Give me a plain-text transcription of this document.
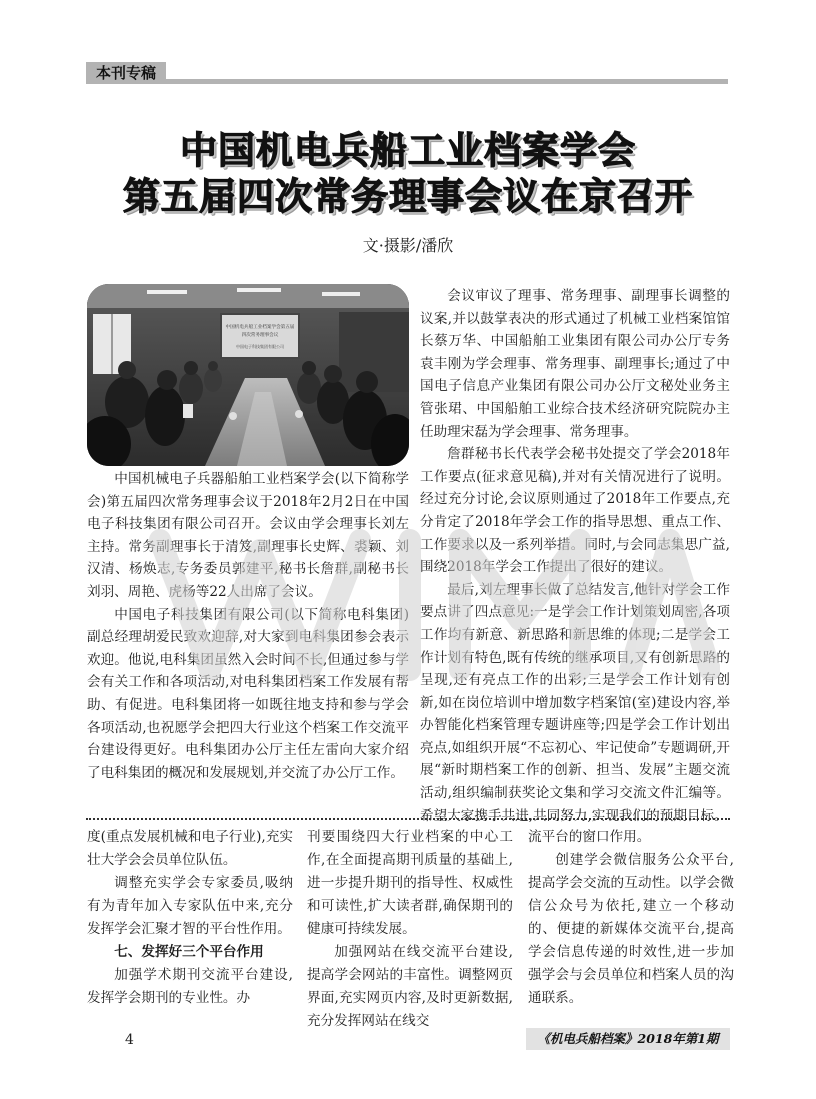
本刊专稿
中国机电兵船工业档案学会
第五届四次常务理事会议在京召开
文·摄影/潘欣
中国机电兵船工业档案学会第五届
四次常务理事会议
中国电子科技集团有限公司

中国机械电子兵器船舶工业档案学会(以下简称学会)第五届四次常务理事会议于2018年2月2日在中国电子科技集团有限公司召开。会议由学会理事长刘左主持。常务副理事长于清笈,副理事长史辉、裘颖、刘汉清、杨焕志,专务委员郭建平,秘书长詹群,副秘书长刘羽、周艳、虎杨等22人出席了会议。

中国电子科技集团有限公司(以下简称电科集团)副总经理胡爱民致欢迎辞,对大家到电科集团参会表示欢迎。他说,电科集团虽然入会时间不长,但通过参与学会有关工作和各项活动,对电科集团档案工作发展有帮助、有促进。电科集团将一如既往地支持和参与学会各项活动,也祝愿学会把四大行业这个档案工作交流平台建设得更好。电科集团办公厅主任左雷向大家介绍了电科集团的概况和发展规划,并交流了办公厅工作。

会议审议了理事、常务理事、副理事长调整的议案,并以鼓掌表决的形式通过了机械工业档案馆馆长蔡万华、中国船舶工业集团有限公司办公厅专务袁丰刚为学会理事、常务理事、副理事长;通过了中国电子信息产业集团有限公司办公厅文秘处业务主管张珺、中国船舶工业综合技术经济研究院院办主任助理宋磊为学会理事、常务理事。

詹群秘书长代表学会秘书处提交了学会2018年工作要点(征求意见稿),并对有关情况进行了说明。经过充分讨论,会议原则通过了2018年工作要点,充分肯定了2018年学会工作的指导思想、重点工作、工作要求以及一系列举措。同时,与会同志集思广益,围绕2018年学会工作提出了很好的建议。

最后,刘左理事长做了总结发言,他针对学会工作要点讲了四点意见:一是学会工作计划策划周密,各项工作均有新意、新思路和新思维的体现;二是学会工作计划有特色,既有传统的继承项目,又有创新思路的呈现,还有亮点工作的出彩;三是学会工作计划有创新,如在岗位培训中增加数字档案馆(室)建设内容,举办智能化档案管理专题讲座等;四是学会工作计划出亮点,如组织开展“不忘初心、牢记使命”专题调研,开展“新时期档案工作的创新、担当、发展”主题交流活动,组织编制获奖论文集和学习交流文件汇编等。希望大家携手共进,共同努力,实现我们的预期目标。

度(重点发展机械和电子行业),充实壮大学会会员单位队伍。

调整充实学会专家委员,吸纳有为青年加入专家队伍中来,充分发挥学会汇聚才智的平台性作用。

七、发挥好三个平台作用

加强学术期刊交流平台建设,发挥学会期刊的专业性。办

刊要围绕四大行业档案的中心工作,在全面提高期刊质量的基础上,进一步提升期刊的指导性、权威性和可读性,扩大读者群,确保期刊的健康可持续发展。

加强网站在线交流平台建设,提高学会网站的丰富性。调整网页界面,充实网页内容,及时更新数据,充分发挥网站在线交

流平台的窗口作用。

创建学会微信服务公众平台,提高学会交流的互动性。以学会微信公众号为依托,建立一个移动的、便捷的新媒体交流平台,提高学会信息传递的时效性,进一步加强学会与会员单位和档案人员的沟通联系。

4	《机电兵船档案》2018年第1期
